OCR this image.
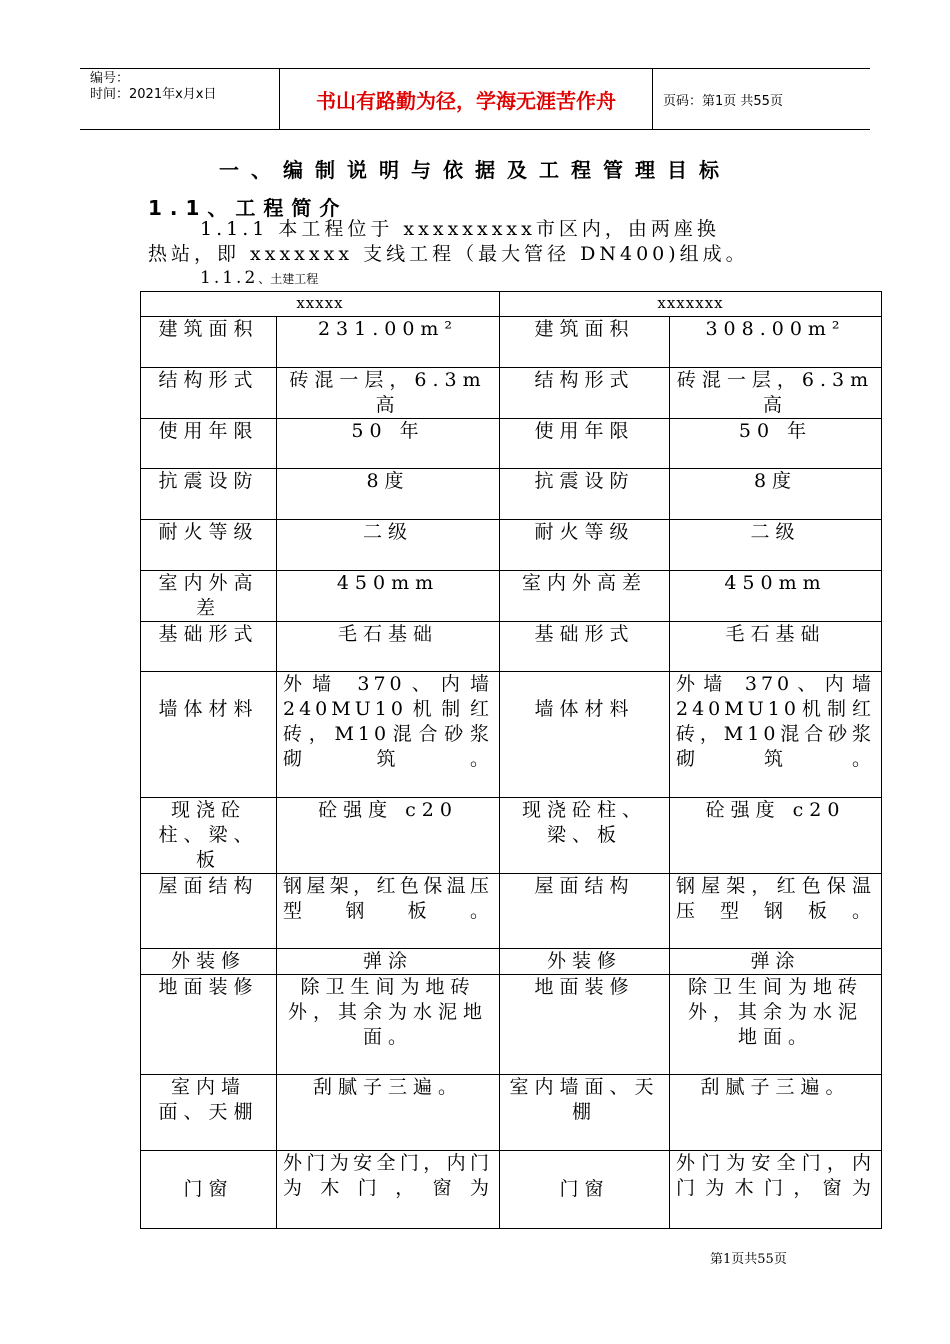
编号：
时间：2021年x月x日	书山有路勤为径，学海无涯苦作舟	页码：第1页 共55页
一、编制说明与依据及工程管理目标
1.1、工程简介
1.1.1 本工程位于 xxxxxxxxx市区内，由两座换
热站，即 xxxxxxx 支线工程（最大管径 DN400)组成。
1.1.2、土建工程
xxxxx		xxxxxxx	
建筑面积	231.00m²	建筑面积	308.00m²
结构形式	砖混一层，6.3m高	结构形式	砖混一层，6.3m高
使用年限	50 年	使用年限	50 年
抗震设防	8度	抗震设防	8度
耐火等级	二级	耐火等级	二级
室内外高差	450mm	室内外高差	450mm
基础形式	毛石基础	基础形式	毛石基础
墙体材料	外墙 370、内墙 240MU10机制红砖，M10混合砂浆砌筑。	墙体材料	外墙 370、内墙 240MU10机制红砖，M10混合砂浆砌筑。
现浇砼柱、梁、板	砼强度 c20	现浇砼柱、梁、板	砼强度 c20
屋面结构	钢屋架，红色保温压型钢板。	屋面结构	钢屋架，红色保温压型钢板。
外装修	弹涂	外装修	弹涂
地面装修	除卫生间为地砖外，其余为水泥地面。	地面装修	除卫生间为地砖外，其余为水泥地面。
室内墙面、天棚	刮腻子三遍。	室内墙面、天棚	刮腻子三遍。
门窗	外门为安全门，内门为木门，窗为	门窗	外门为安全门，内门为木门，窗为
第1页共55页
